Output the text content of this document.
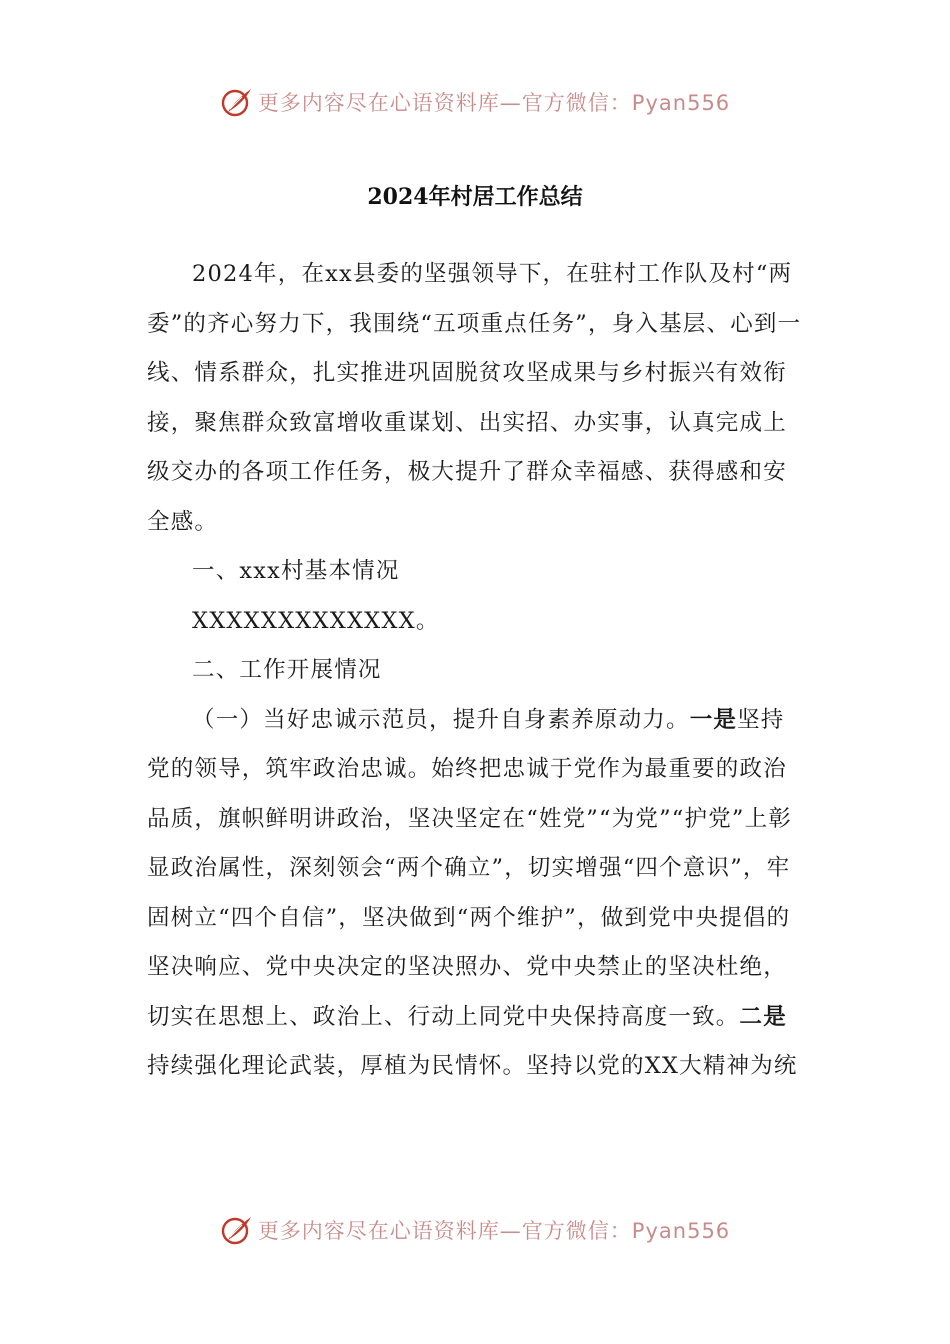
更多内容尽在心语资料库—官方微信：Pyan556
2024年村居工作总结

2024年，在xx县委的坚强领导下，在驻村工作队及村“两委”的齐心努力下，我围绕“五项重点任务”，身入基层、心到一线、情系群众，扎实推进巩固脱贫攻坚成果与乡村振兴有效衔接，聚焦群众致富增收重谋划、出实招、办实事，认真完成上级交办的各项工作任务，极大提升了群众幸福感、获得感和安全感。

一、xxx村基本情况

XXXXXXXXXXXXX。

二、工作开展情况

（一）当好忠诚示范员，提升自身素养原动力。一是坚持党的领导，筑牢政治忠诚。始终把忠诚于党作为最重要的政治品质，旗帜鲜明讲政治，坚决坚定在“姓党”“为党”“护党”上彰显政治属性，深刻领会“两个确立”，切实增强“四个意识”，牢固树立“四个自信”，坚决做到“两个维护”，做到党中央提倡的坚决响应、党中央决定的坚决照办、党中央禁止的坚决杜绝，切实在思想上、政治上、行动上同党中央保持高度一致。二是持续强化理论武装，厚植为民情怀。坚持以党的XX大精神为统

更多内容尽在心语资料库—官方微信：Pyan556
